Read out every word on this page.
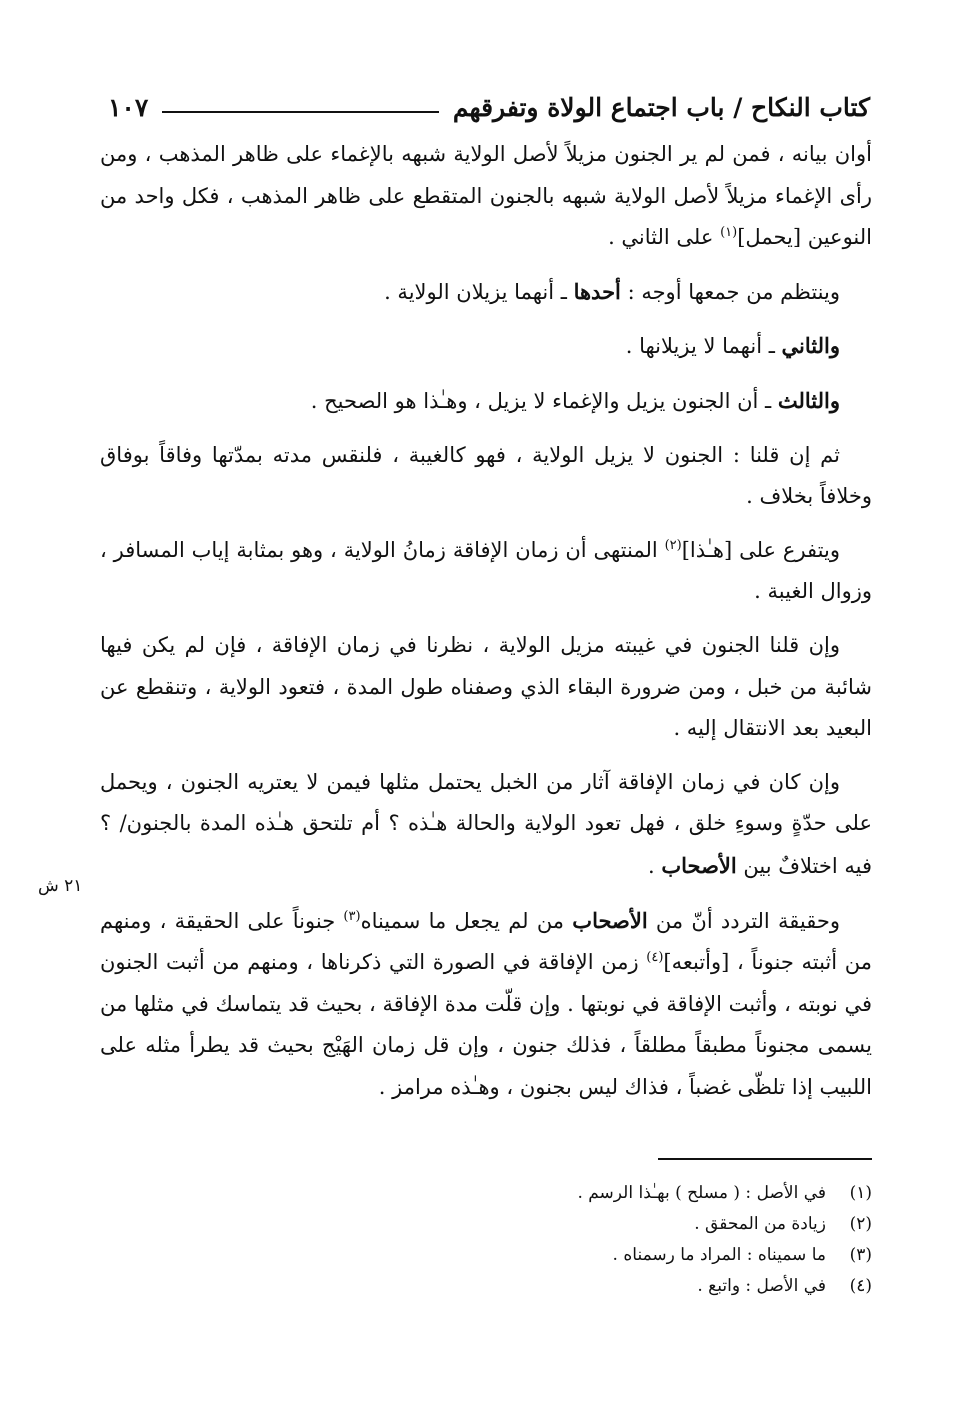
كتاب النكاح / باب اجتماع الولاة وتفرقهم
١٠٧

أوان بيانه ، فمن لم ير الجنون مزيلاً لأصل الولاية شبهه بالإغماء على ظاهر المذهب ، ومن رأى الإغماء مزيلاً لأصل الولاية شبهه بالجنون المتقطع على ظاهر المذهب ، فكل واحد من النوعين [يحمل]$^{(١)}$ على الثاني .

وينتظم من جمعها أوجه : أحدها ـ أنهما يزيلان الولاية .

والثاني ـ أنهما لا يزيلانها .

والثالث ـ أن الجنون يزيل والإغماء لا يزيل ، وهـٰذا هو الصحيح .

ثم إن قلنا : الجنون لا يزيل الولاية ، فهو كالغيبة ، فلنقس مدته بمدّتها وفاقاً بوفاق وخلافاً بخلاف .

ويتفرع على [هـٰذا]$^{(٢)}$ المنتهى أن زمان الإفاقة زمانُ الولاية ، وهو بمثابة إياب المسافر ، وزوال الغيبة .

وإن قلنا الجنون في غيبته مزيل الولاية ، نظرنا في زمان الإفاقة ، فإن لم يكن فيها شائبة من خبل ، ومن ضرورة البقاء الذي وصفناه طول المدة ، فتعود الولاية ، وتنقطع عن البعيد بعد الانتقال إليه .

وإن كان في زمان الإفاقة آثار من الخبل يحتمل مثلها فيمن لا يعتريه الجنون ، ويحمل على حدّةٍ وسوءِ خلق ، فهل تعود الولاية والحالة هـٰذه ؟ أم تلتحق هـٰذه المدة بالجنون/ ؟ فيه اختلافٌ بين الأصحاب .

وحقيقة التردد أنّ من الأصحاب من لم يجعل ما سميناه$^{(٣)}$ جنوناً على الحقيقة ، ومنهم من أثبته جنوناً ، [وأتبعه]$^{(٤)}$ زمن الإفاقة في الصورة التي ذكرناها ، ومنهم من أثبت الجنون في نوبته ، وأثبت الإفاقة في نوبتها . وإن قلّت مدة الإفاقة ، بحيث قد يتماسك في مثلها من يسمى مجنوناً مطبقاً مطلقاً ، فذلك جنون ، وإن قل زمان الهَيْج بحيث قد يطرأ مثله على اللبيب إذا تلظّى غضباً ، فذاك ليس بجنون ، وهـٰذه مرامز .

٢١ ش
(١)
في الأصل : ( مسلح ) بهـٰذا الرسم .
(٢)
زيادة من المحقق .
(٣)
ما سميناه : المراد ما رسمناه .
(٤)
في الأصل : واتبع .
